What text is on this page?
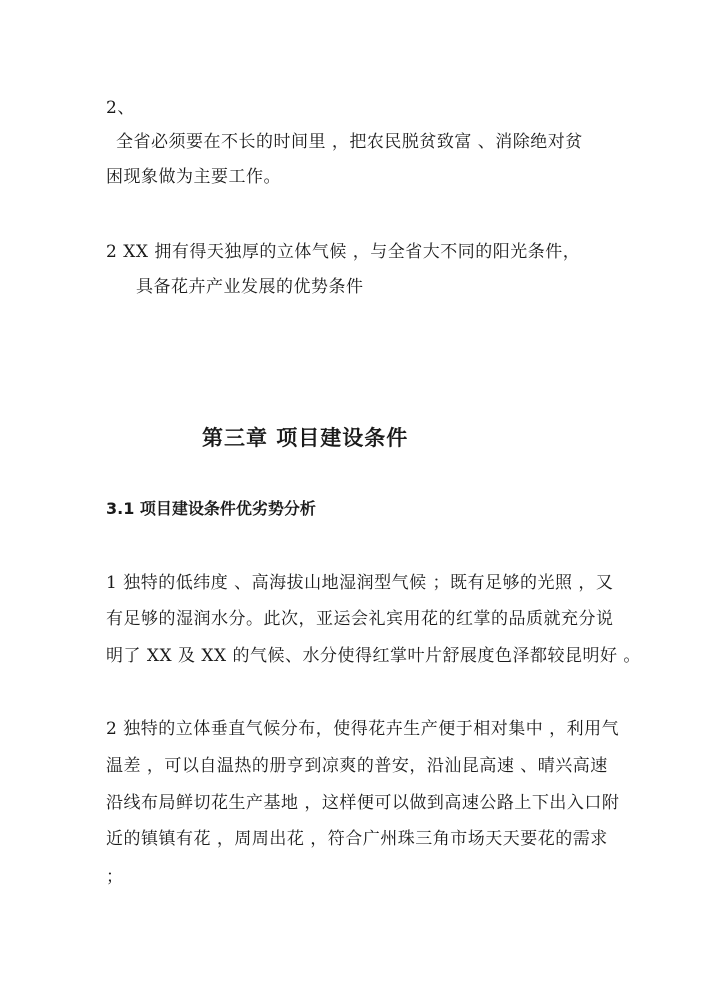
2、
全省必须要在不长的时间里 ，把农民脱贫致富 、消除绝对贫
困现象做为主要工作。
2 XX 拥有得天独厚的立体气候 ，与全省大不同的阳光条件，
具备花卉产业发展的优势条件
第三章 项目建设条件
3.1 项目建设条件优劣势分析
1 独特的低纬度 、高海拔山地湿润型气候 ；既有足够的光照 ，又
有足够的湿润水分。此次，亚运会礼宾用花的红掌的品质就充分说
明了 XX 及 XX 的气候、水分使得红掌叶片舒展度色泽都较昆明好 。
2 独特的立体垂直气候分布，使得花卉生产便于相对集中 ，利用气
温差 ，可以自温热的册亨到凉爽的普安，沿汕昆高速 、晴兴高速
沿线布局鲜切花生产基地 ，这样便可以做到高速公路上下出入口附
近的镇镇有花 ，周周出花 ，符合广州珠三角市场天天要花的需求
；
